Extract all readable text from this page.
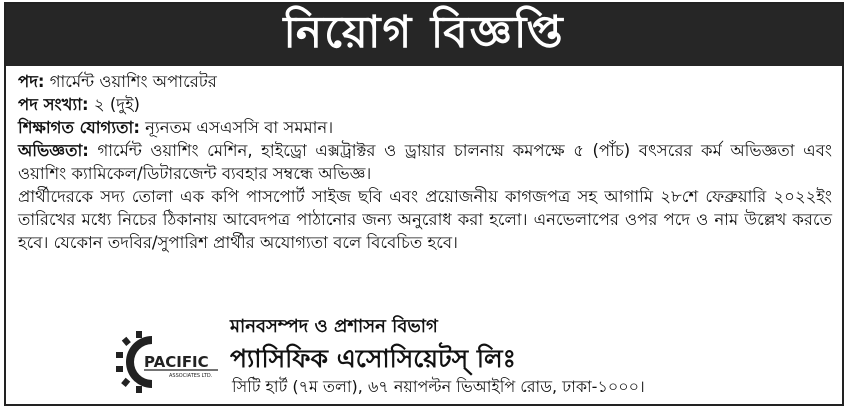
নিয়োগ বিজ্ঞপ্তি
পদ: গার্মেন্ট ওয়াশিং অপারেটর
পদ সংখ্যা: ২ (দুই)
শিক্ষাগত যোগ্যতা: ন্যূনতম এসএসসি বা সমমান।
অভিজ্ঞতা: গার্মেন্ট ওয়াশিং মেশিন, হাইড্রো এক্সট্রাক্টর ও ড্রায়ার চালনায় কমপক্ষে ৫ (পাঁচ) বৎসরের কর্ম অভিজ্ঞতা এবং ওয়াশিং ক্যামিকেল/ডিটারজেন্ট ব্যবহার সম্বন্ধে অভিজ্ঞ।
প্রার্থীদেরকে সদ্য তোলা এক কপি পাসপোর্ট সাইজ ছবি এবং প্রয়োজনীয় কাগজপত্র সহ আগামি ২৮শে ফেব্রুয়ারি ২০২২ইং তারিখের মধ্যে নিচের ঠিকানায় আবেদপত্র পাঠানোর জন্য অনুরোধ করা হলো। এনভেলাপের ওপর পদে ও নাম উল্লেখ করতে হবে। যেকোন তদবির/সুপারিশ প্রার্থীর অযোগ্যতা বলে বিবেচিত হবে।
PACIFIC
ASSOCIATES LTD.
মানবসম্পদ ও প্রশাসন বিভাগ
প্যাসিফিক এসোসিয়েটস্ লিঃ
সিটি হার্ট (৭ম তলা), ৬৭ নয়াপল্টন ভিআইপি রোড, ঢাকা-১০০০।
